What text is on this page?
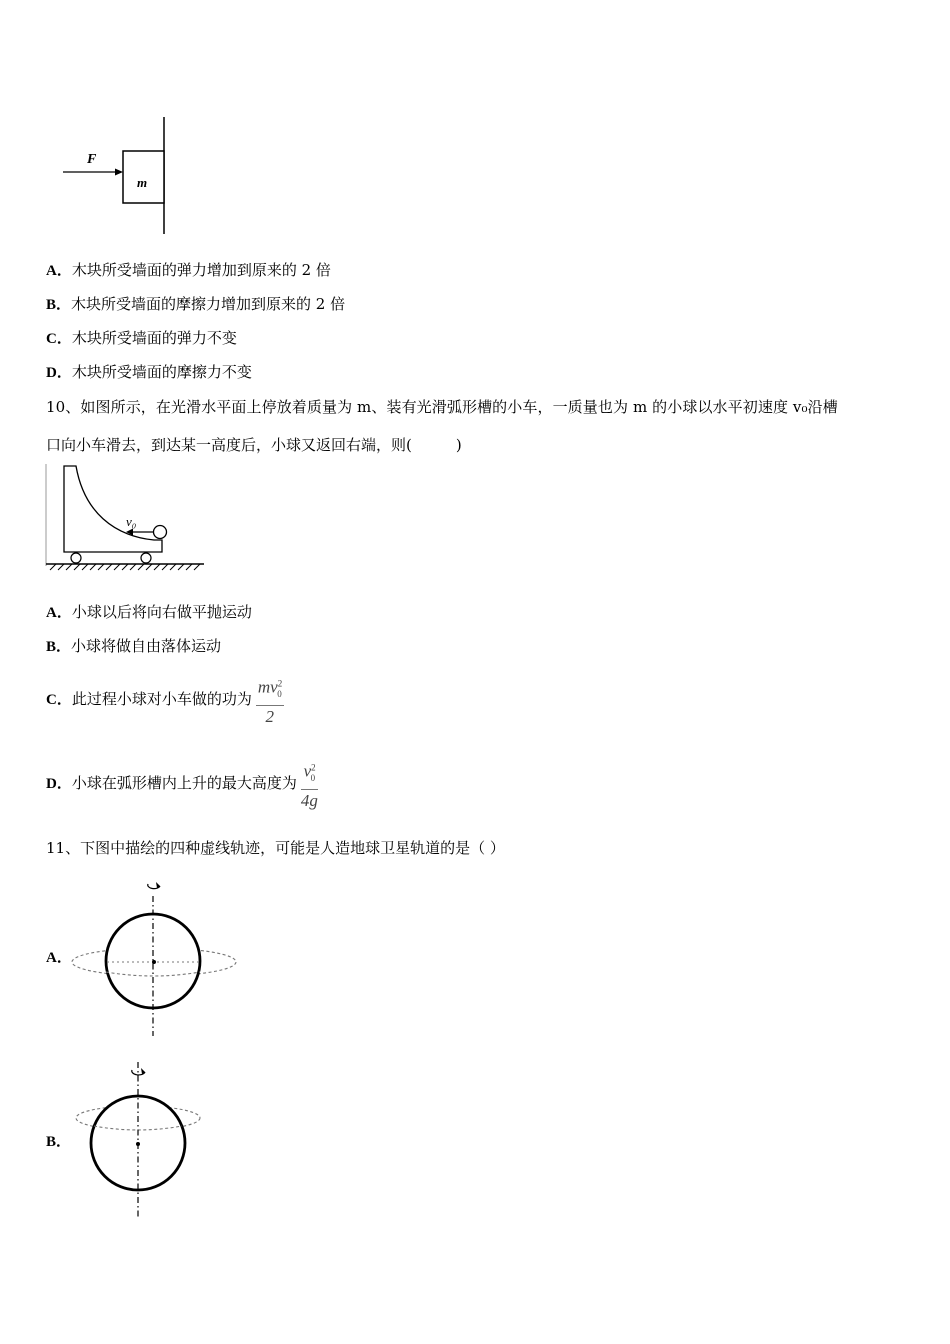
F
m
A．木块所受墙面的弹力增加到原来的 2 倍
B．木块所受墙面的摩擦力增加到原来的 2 倍
C．木块所受墙面的弹力不变
D．木块所受墙面的摩擦力不变
10、如图所示，在光滑水平面上停放着质量为 m、装有光滑弧形槽的小车，一质量也为 m 的小球以水平初速度 v₀沿槽
口向小车滑去，到达某一高度后，小球又返回右端，则(	)
v₀
A．小球以后将向右做平抛运动
B．小球将做自由落体运动
C．此过程小球对小车做的功为 $\frac{mv^2_0}{2}$
D．小球在弧形槽内上升的最大高度为 $\frac{v^2_0}{4g}$
11、下图中描绘的四种虚线轨迹，可能是人造地球卫星轨道的是（ ）
A．
B．
